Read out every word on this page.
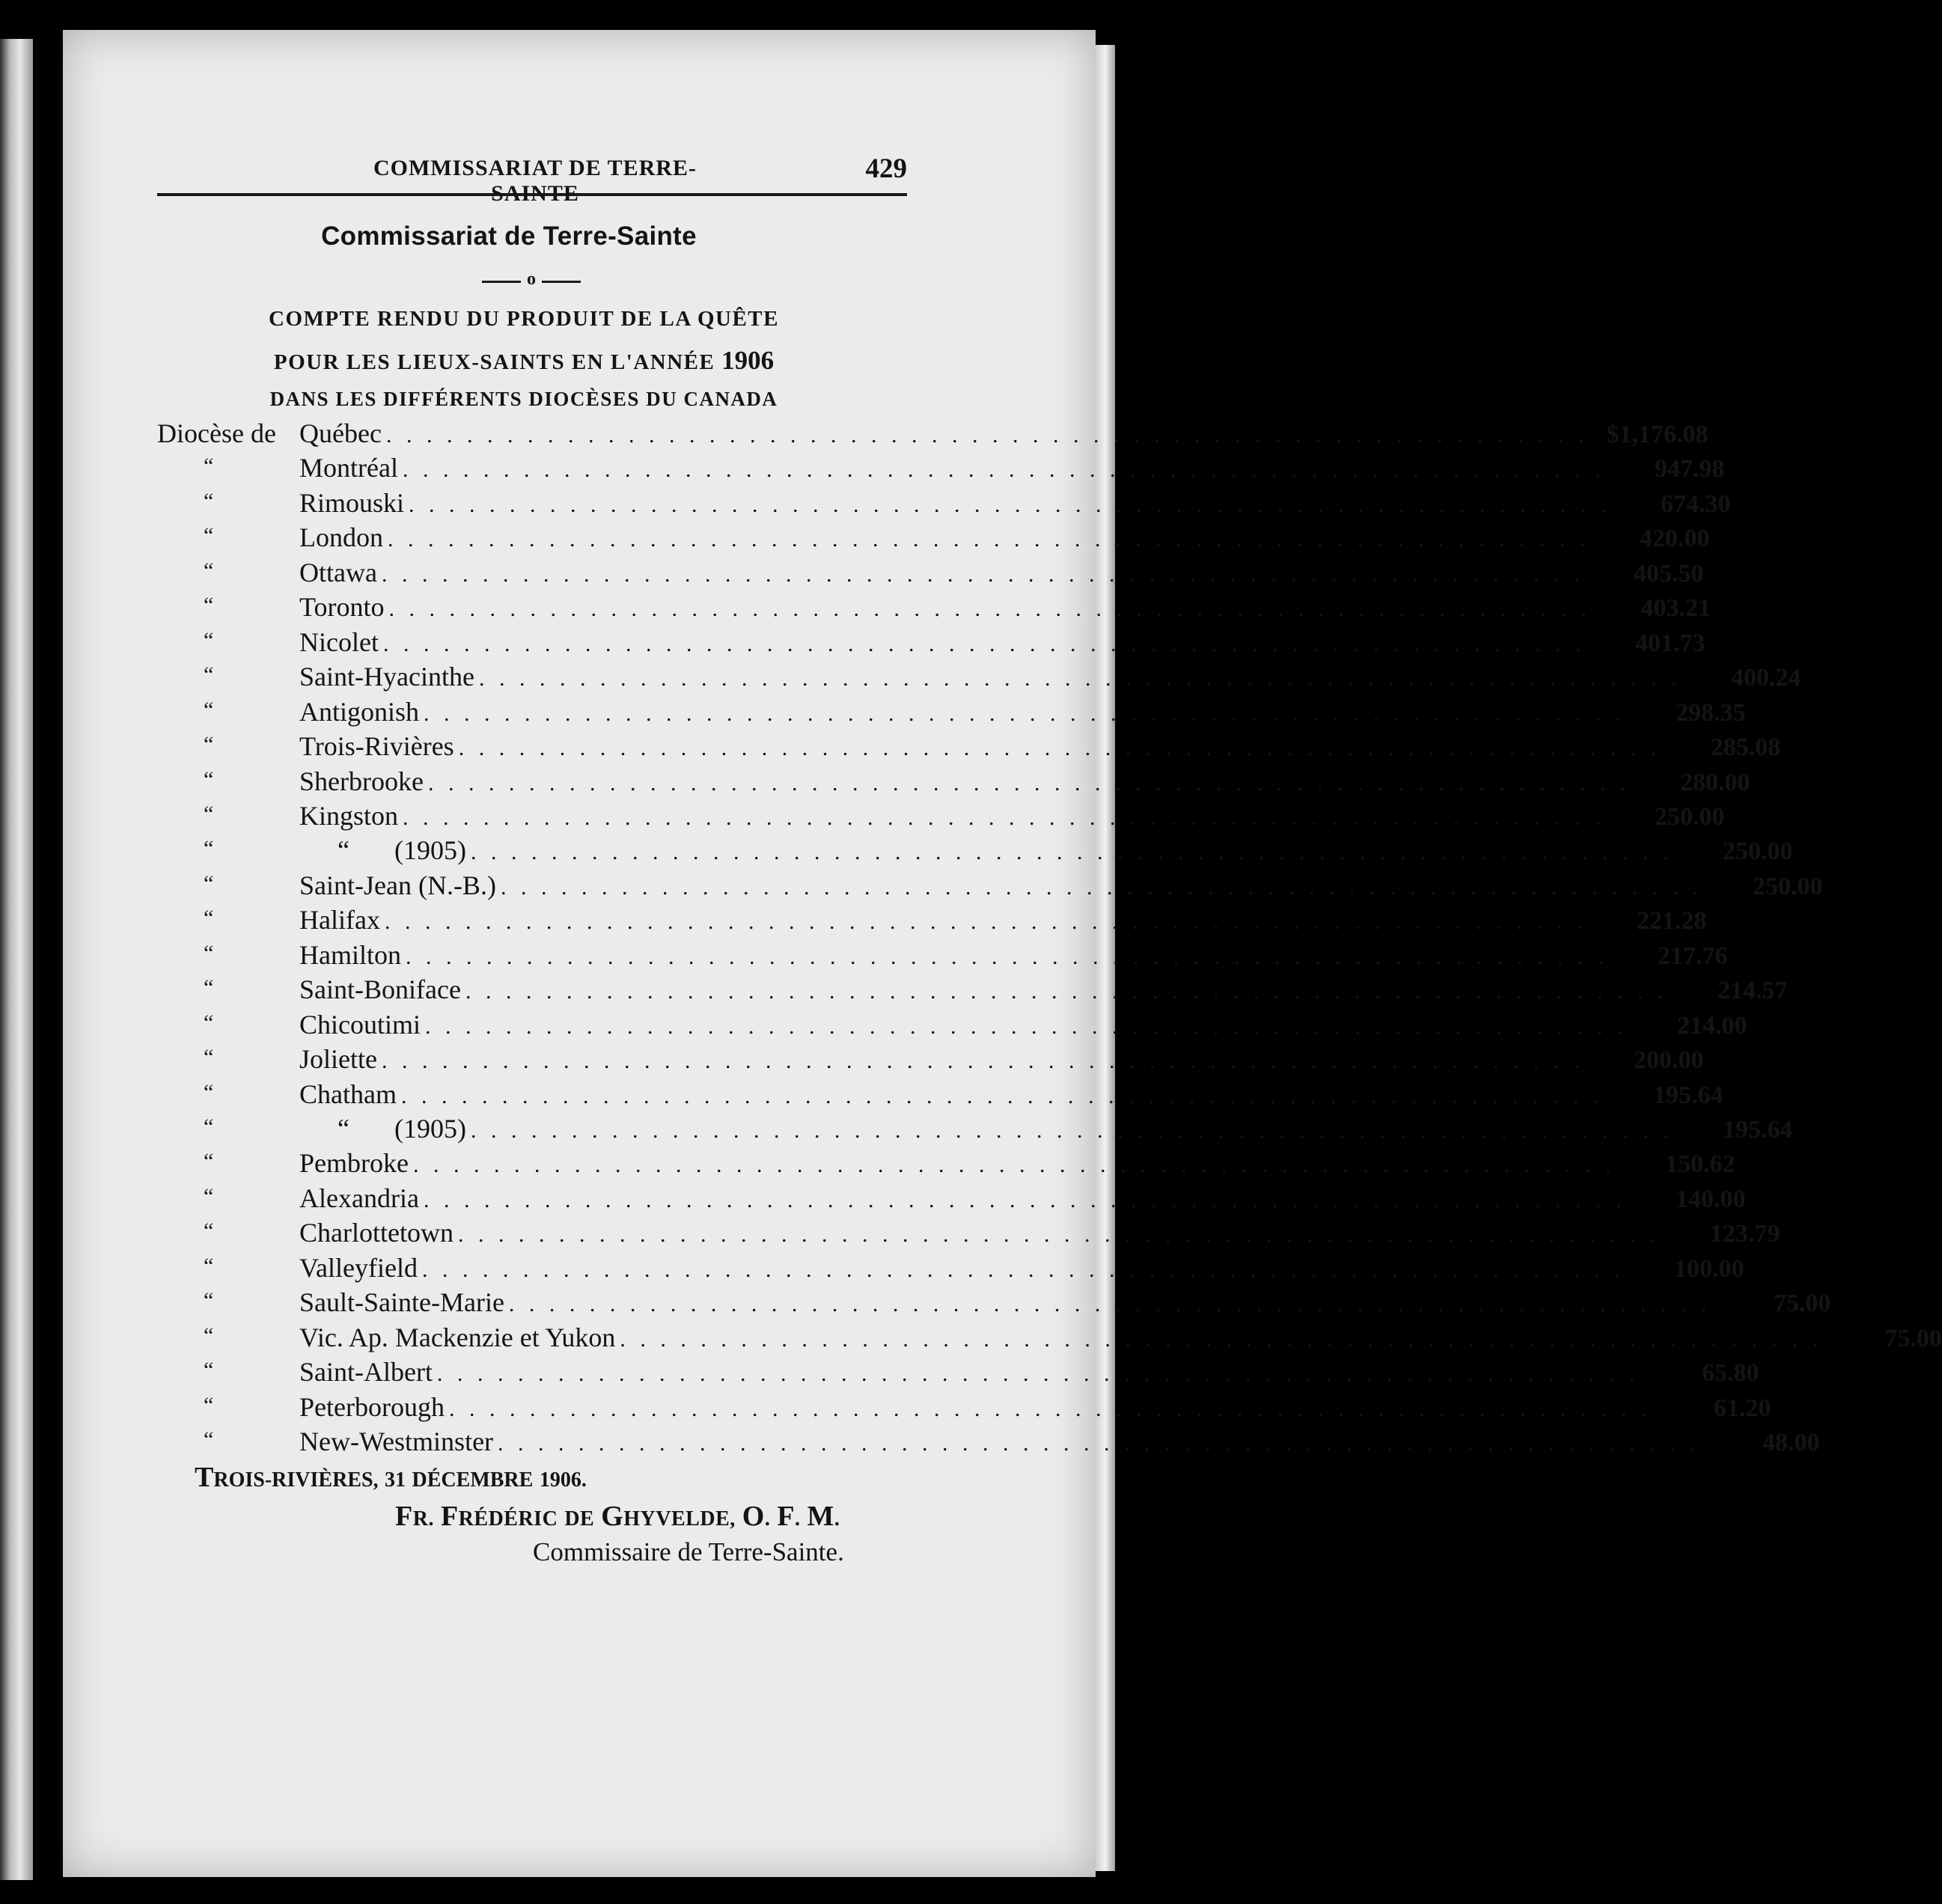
COMMISSARIAT DE TERRE-SAINTE
429
Commissariat de Terre-Sainte
o
COMPTE RENDU DU PRODUIT DE LA QUÊTE
POUR LES LIEUX-SAINTS EN L'ANNÉE 1906
DANS LES DIFFÉRENTS DIOCÈSES DU CANADA
Diocèse de Québec . . . . . . . . . . . . . . . . . . . . . . . . . . . . . . . . . . . . . . . . . . . . . . . . . . . . . . . . . . . . $1,176.08
“	Montréal . . . . . . . . . . . . . . . . . . . . . . . . . . . . . . . . . . . . . . . . . . . . . . . . . . . . . . . . . . . .	947.98
“	Rimouski . . . . . . . . . . . . . . . . . . . . . . . . . . . . . . . . . . . . . . . . . . . . . . . . . . . . . . . . . . . .	674.30
“	London . . . . . . . . . . . . . . . . . . . . . . . . . . . . . . . . . . . . . . . . . . . . . . . . . . . . . . . . . . . .	420.00
“	Ottawa . . . . . . . . . . . . . . . . . . . . . . . . . . . . . . . . . . . . . . . . . . . . . . . . . . . . . . . . . . . .	405.50
“	Toronto . . . . . . . . . . . . . . . . . . . . . . . . . . . . . . . . . . . . . . . . . . . . . . . . . . . . . . . . . . . .	403.21
“	Nicolet . . . . . . . . . . . . . . . . . . . . . . . . . . . . . . . . . . . . . . . . . . . . . . . . . . . . . . . . . . . .	401.73
“	Saint-Hyacinthe . . . . . . . . . . . . . . . . . . . . . . . . . . . . . . . . . . . . . . . . . . . . . . . . . . . . . . . . . . . .	400.24
“	Antigonish . . . . . . . . . . . . . . . . . . . . . . . . . . . . . . . . . . . . . . . . . . . . . . . . . . . . . . . . . . . .	298.35
“	Trois-Rivières . . . . . . . . . . . . . . . . . . . . . . . . . . . . . . . . . . . . . . . . . . . . . . . . . . . . . . . . . . . .	285.08
“	Sherbrooke . . . . . . . . . . . . . . . . . . . . . . . . . . . . . . . . . . . . . . . . . . . . . . . . . . . . . . . . . . . .	280.00
“	Kingston . . . . . . . . . . . . . . . . . . . . . . . . . . . . . . . . . . . . . . . . . . . . . . . . . . . . . . . . . . . .	250.00
“	“ (1905) . . . . . . . . . . . . . . . . . . . . . . . . . . . . . . . . . . . . . . . . . . . . . . . . . . . . . . . . . . . .	250.00
“	Saint-Jean (N.-B.) . . . . . . . . . . . . . . . . . . . . . . . . . . . . . . . . . . . . . . . . . . . . . . . . . . . . . . . . . . . .	250.00
“	Halifax . . . . . . . . . . . . . . . . . . . . . . . . . . . . . . . . . . . . . . . . . . . . . . . . . . . . . . . . . . . .	221.28
“	Hamilton . . . . . . . . . . . . . . . . . . . . . . . . . . . . . . . . . . . . . . . . . . . . . . . . . . . . . . . . . . . .	217.76
“	Saint-Boniface . . . . . . . . . . . . . . . . . . . . . . . . . . . . . . . . . . . . . . . . . . . . . . . . . . . . . . . . . . . .	214.57
“	Chicoutimi . . . . . . . . . . . . . . . . . . . . . . . . . . . . . . . . . . . . . . . . . . . . . . . . . . . . . . . . . . . .	214.00
“	Joliette . . . . . . . . . . . . . . . . . . . . . . . . . . . . . . . . . . . . . . . . . . . . . . . . . . . . . . . . . . . .	200.00
“	Chatham . . . . . . . . . . . . . . . . . . . . . . . . . . . . . . . . . . . . . . . . . . . . . . . . . . . . . . . . . . . .	195.64
“	“ (1905) . . . . . . . . . . . . . . . . . . . . . . . . . . . . . . . . . . . . . . . . . . . . . . . . . . . . . . . . . . . .	195.64
“	Pembroke . . . . . . . . . . . . . . . . . . . . . . . . . . . . . . . . . . . . . . . . . . . . . . . . . . . . . . . . . . . .	150.62
“	Alexandria . . . . . . . . . . . . . . . . . . . . . . . . . . . . . . . . . . . . . . . . . . . . . . . . . . . . . . . . . . . .	140.00
“	Charlottetown . . . . . . . . . . . . . . . . . . . . . . . . . . . . . . . . . . . . . . . . . . . . . . . . . . . . . . . . . . . .	123.79
“	Valleyfield . . . . . . . . . . . . . . . . . . . . . . . . . . . . . . . . . . . . . . . . . . . . . . . . . . . . . . . . . . . .	100.00
“	Sault-Sainte-Marie . . . . . . . . . . . . . . . . . . . . . . . . . . . . . . . . . . . . . . . . . . . . . . . . . . . . . . . . . . . .	75.00
“	Vic. Ap. Mackenzie et Yukon . . . . . . . . . . . . . . . . . . . . . . . . . . . . . . . . . . . . . . . . . . . . . . . . . . . . . . . . . . . .	75.00
“	Saint-Albert . . . . . . . . . . . . . . . . . . . . . . . . . . . . . . . . . . . . . . . . . . . . . . . . . . . . . . . . . . . .	65.80
“	Peterborough . . . . . . . . . . . . . . . . . . . . . . . . . . . . . . . . . . . . . . . . . . . . . . . . . . . . . . . . . . . .	61.20
“	New-Westminster . . . . . . . . . . . . . . . . . . . . . . . . . . . . . . . . . . . . . . . . . . . . . . . . . . . . . . . . . . . .	48.00
TROIS-RIVIÈRES, 31 DÉCEMBRE 1906.
FR. FRÉDÉRIC DE GHYVELDE, O. F. M.
Commissaire de Terre-Sainte.
